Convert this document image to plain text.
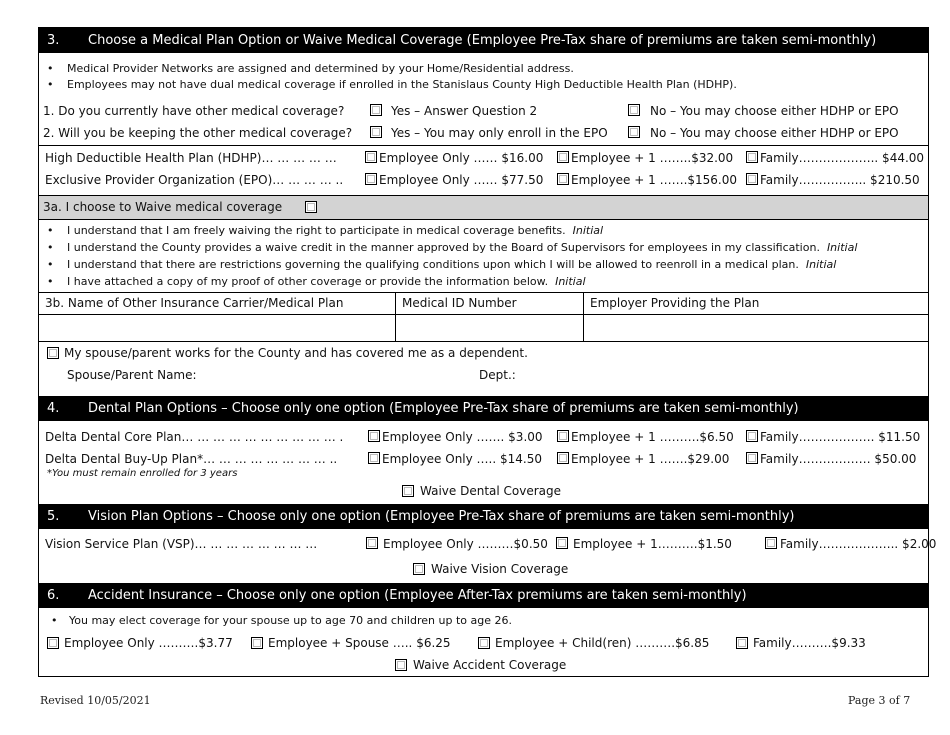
3. Choose a Medical Plan Option or Waive Medical Coverage (Employee Pre-Tax share of premiums are taken semi-monthly)
• Medical Provider Networks are assigned and determined by your Home/Residential address.
• Employees may not have dual medical coverage if enrolled in the Stanislaus County High Deductible Health Plan (HDHP).
1. Do you currently have other medical coverage?	Yes – Answer Question 2	No – You may choose either HDHP or EPO
2. Will you be keeping the other medical coverage?	Yes – You may only enroll in the EPO	No – You may choose either HDHP or EPO
High Deductible Health Plan (HDHP)… … … … …	Employee Only …… $16.00 Employee + 1 ……..$32.00 Family……………….. $44.00
Exclusive Provider Organization (EPO)… … … … ..	Employee Only …… $77.50 Employee + 1 …….$156.00 Family…………….. $210.50
3a. I choose to Waive medical coverage
• I understand that I am freely waiving the right to participate in medical coverage benefits. Initial
• I understand the County provides a waive credit in the manner approved by the Board of Supervisors for employees in my classification. Initial
• I understand that there are restrictions governing the qualifying conditions upon which I will be allowed to reenroll in a medical plan. Initial
• I have attached a copy of my proof of other coverage or provide the information below. Initial
3b. Name of Other Insurance Carrier/Medical Plan	Medical ID Number	Employer Providing the Plan
My spouse/parent works for the County and has covered me as a dependent.
Spouse/Parent Name:	Dept.:
4. Dental Plan Options – Choose only one option (Employee Pre-Tax share of premiums are taken semi-monthly)
Delta Dental Core Plan… … … … … … … … … … .	Employee Only ……. $3.00 Employee + 1 ……….$6.50 Family………………. $11.50
Delta Dental Buy-Up Plan*… … … … … … … … ..	Employee Only ….. $14.50 Employee + 1 …….$29.00	Family……………… $50.00
*You must remain enrolled for 3 years
Waive Dental Coverage
5. Vision Plan Options – Choose only one option (Employee Pre-Tax share of premiums are taken semi-monthly)
Vision Service Plan (VSP)… … … … … … … …	Employee Only ………$0.50 Employee + 1……….$1.50	Family……………….. $2.00
Waive Vision Coverage
6. Accident Insurance – Choose only one option (Employee After-Tax premiums are taken semi-monthly)
• You may elect coverage for your spouse up to age 70 and children up to age 26.
Employee Only ……….$3.77	Employee + Spouse ….. $6.25	Employee + Child(ren) ……….$6.85	Family……….$9.33
Waive Accident Coverage
Revised 10/05/2021	Page 3 of 7
